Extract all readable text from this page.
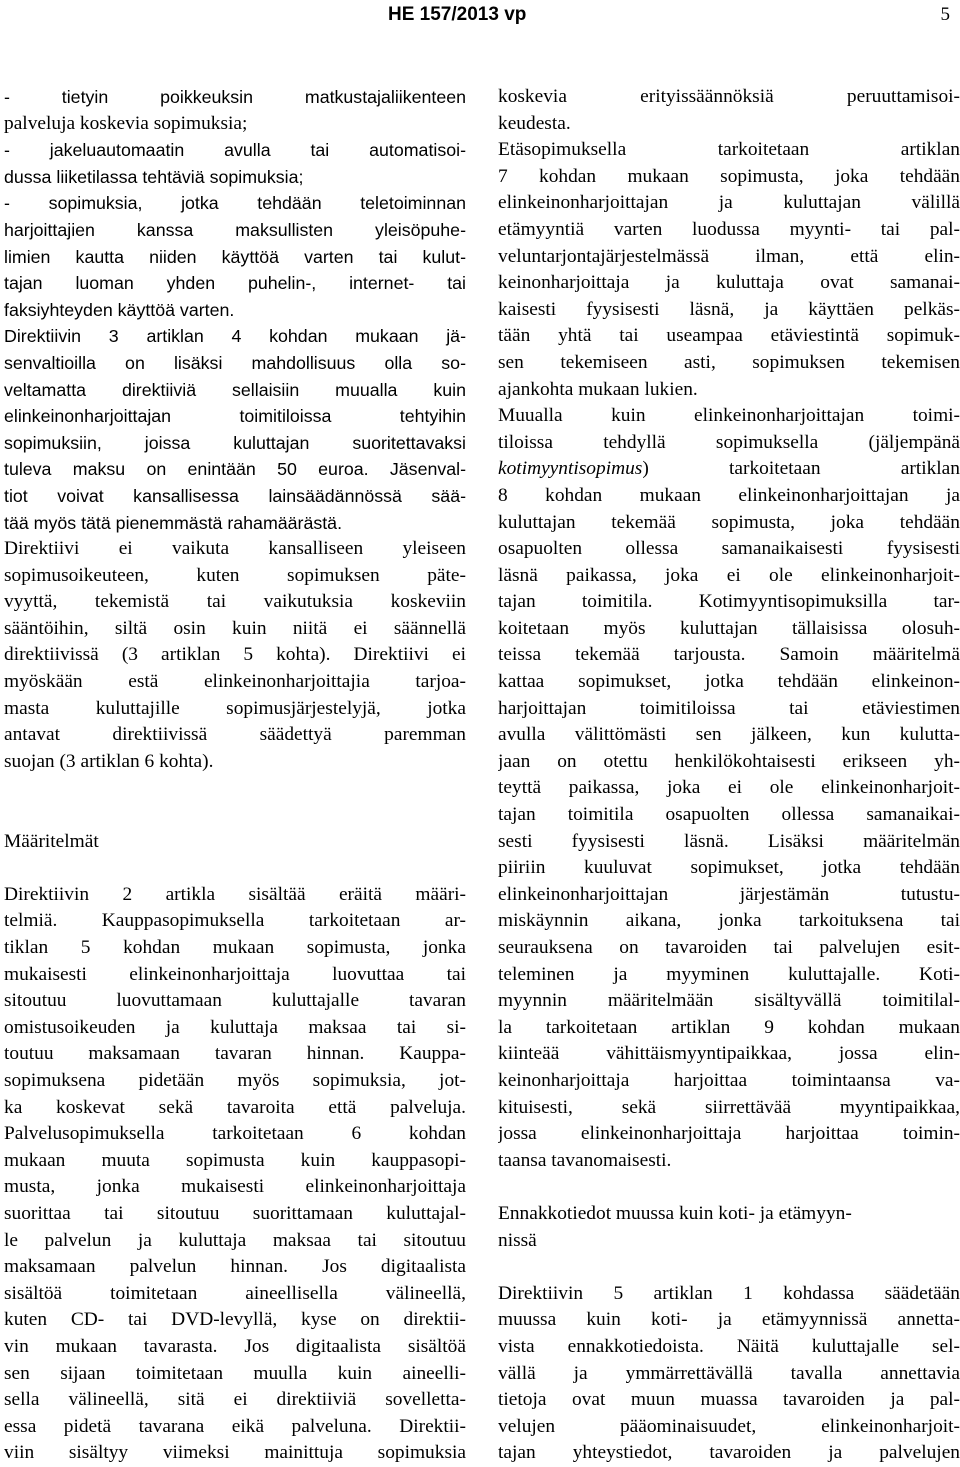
HE 157/2013 vp	5
- tietyin poikkeuksin matkustajaliikenteen
palveluja koskevia sopimuksia;
- jakeluautomaatin avulla tai automatisoi-
dussa liiketilassa tehtäviä sopimuksia;
- sopimuksia, jotka tehdään teletoiminnan
harjoittajien kanssa maksullisten yleisöpuhe-
limien kautta niiden käyttöä varten tai kulut-
tajan luoman yhden puhelin-, internet- tai
faksiyhteyden käyttöä varten.
Direktiivin 3 artiklan 4 kohdan mukaan jä-
senvaltioilla on lisäksi mahdollisuus olla so-
veltamatta direktiiviä sellaisiin muualla kuin
elinkeinonharjoittajan toimitiloissa tehtyihin
sopimuksiin, joissa kuluttajan suoritettavaksi
tuleva maksu on enintään 50 euroa. Jäsenval-
tiot voivat kansallisessa lainsäädännössä sää-
tää myös tätä pienemmästä rahamäärästä.
Direktiivi ei vaikuta kansalliseen yleiseen
sopimusoikeuteen, kuten sopimuksen päte-
vyyttä, tekemistä tai vaikutuksia koskeviin
sääntöihin, siltä osin kuin niitä ei säännellä
direktiivissä (3 artiklan 5 kohta). Direktiivi ei
myöskään estä elinkeinonharjoittajia tarjoa-
masta kuluttajille sopimusjärjestelyjä, jotka
antavat direktiivissä säädettyä paremman
suojan (3 artiklan 6 kohta).
Määritelmät
Direktiivin 2 artikla sisältää eräitä määri-
telmiä. Kauppasopimuksella tarkoitetaan ar-
tiklan 5 kohdan mukaan sopimusta, jonka
mukaisesti elinkeinonharjoittaja luovuttaa tai
sitoutuu luovuttamaan kuluttajalle tavaran
omistusoikeuden ja kuluttaja maksaa tai si-
toutuu maksamaan tavaran hinnan. Kauppa-
sopimuksena pidetään myös sopimuksia, jot-
ka koskevat sekä tavaroita että palveluja.
Palvelusopimuksella tarkoitetaan 6 kohdan
mukaan muuta sopimusta kuin kauppasopi-
musta, jonka mukaisesti elinkeinonharjoittaja
suorittaa tai sitoutuu suorittamaan kuluttajal-
le palvelun ja kuluttaja maksaa tai sitoutuu
maksamaan palvelun hinnan. Jos digitaalista
sisältöä toimitetaan aineellisella välineellä,
kuten CD- tai DVD-levyllä, kyse on direktii-
vin mukaan tavarasta. Jos digitaalista sisältöä
sen sijaan toimitetaan muulla kuin aineelli-
sella välineellä, sitä ei direktiiviä sovelletta-
essa pidetä tavarana eikä palveluna. Direktii-
viin sisältyy viimeksi mainittuja sopimuksia
koskevia erityissäännöksiä peruuttamisoi-
keudesta.
Etäsopimuksella tarkoitetaan artiklan
7 kohdan mukaan sopimusta, joka tehdään
elinkeinonharjoittajan ja kuluttajan välillä
etämyyntiä varten luodussa myynti- tai pal-
veluntarjontajärjestelmässä ilman, että elin-
keinonharjoittaja ja kuluttaja ovat samanai-
kaisesti fyysisesti läsnä, ja käyttäen pelkäs-
tään yhtä tai useampaa etäviestintä sopimuk-
sen tekemiseen asti, sopimuksen tekemisen
ajankohta mukaan lukien.
Muualla kuin elinkeinonharjoittajan toimi-
tiloissa tehdyllä sopimuksella (jäljempänä
kotimyyntisopimus) tarkoitetaan artiklan
8 kohdan mukaan elinkeinonharjoittajan ja
kuluttajan tekemää sopimusta, joka tehdään
osapuolten ollessa samanaikaisesti fyysisesti
läsnä paikassa, joka ei ole elinkeinonharjoit-
tajan toimitila. Kotimyyntisopimuksilla tar-
koitetaan myös kuluttajan tällaisissa olosuh-
teissa tekemää tarjousta. Samoin määritelmä
kattaa sopimukset, jotka tehdään elinkeinon-
harjoittajan toimitiloissa tai etäviestimen
avulla välittömästi sen jälkeen, kun kulutta-
jaan on otettu henkilökohtaisesti erikseen yh-
teyttä paikassa, joka ei ole elinkeinonharjoit-
tajan toimitila osapuolten ollessa samanaikai-
sesti fyysisesti läsnä. Lisäksi määritelmän
piiriin kuuluvat sopimukset, jotka tehdään
elinkeinonharjoittajan järjestämän tutustu-
miskäynnin aikana, jonka tarkoituksena tai
seurauksena on tavaroiden tai palvelujen esit-
teleminen ja myyminen kuluttajalle. Koti-
myynnin määritelmään sisältyvällä toimitilal-
la tarkoitetaan artiklan 9 kohdan mukaan
kiinteää vähittäismyyntipaikkaa, jossa elin-
keinonharjoittaja harjoittaa toimintaansa va-
kituisesti, sekä siirrettävää myyntipaikkaa,
jossa elinkeinonharjoittaja harjoittaa toimin-
taansa tavanomaisesti.
Ennakkotiedot muussa kuin koti- ja etämyyn-
nissä
Direktiivin 5 artiklan 1 kohdassa säädetään
muussa kuin koti- ja etämyynnissä annetta-
vista ennakkotiedoista. Näitä kuluttajalle sel-
vällä ja ymmärrettävällä tavalla annettavia
tietoja ovat muun muassa tavaroiden ja pal-
velujen pääominaisuudet, elinkeinonharjoit-
tajan yhteystiedot, tavaroiden ja palvelujen
